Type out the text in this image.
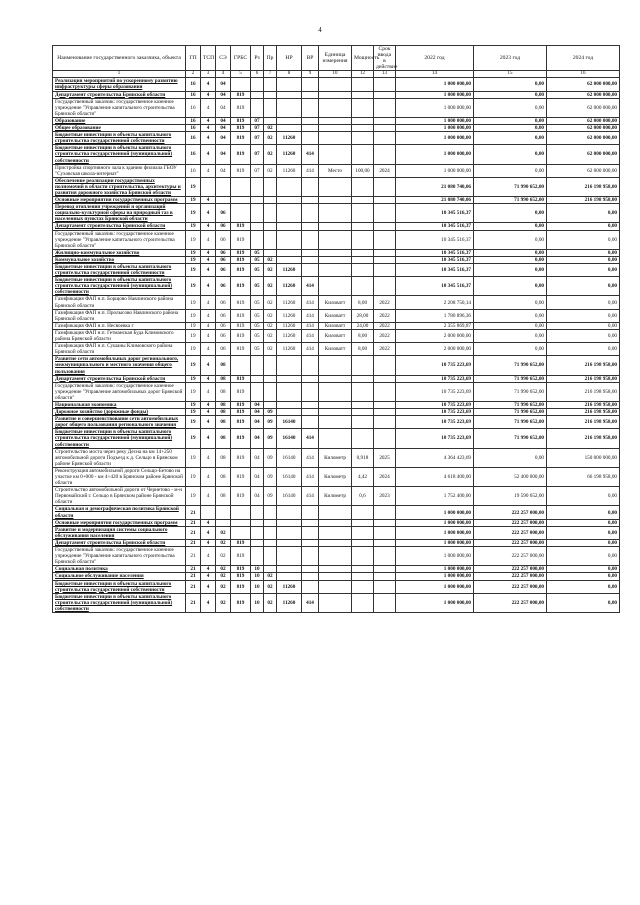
4
Наименование государственного заказчика, объекта	ГП	ТСП	СЭ	ГРБС	Рз	Пр	НР	ВР	Единица измерения	Мощность	Срок ввода в действие	2022 год	2023 год	2024 год
1	2	3	4	5	6	7	8	9	10	12	13	14	15	16
Реализация мероприятий по ускоренному развитию инфраструктуры сферы образования	16	4	04									1 000 000,00	0,00	62 000 000,00
Департамент строительства Брянской области	16	4	04	819								1 000 000,00	0,00	62 000 000,00
Государственный заказчик: государственное казенное учреждение "Управление капитального строительства Брянской области"	16	4	04	819								1 000 000,00	0,00	62 000 000,00
Образование	16	4	04	819	07							1 000 000,00	0,00	62 000 000,00
Общее образование	16	4	04	819	07	02						1 000 000,00	0,00	62 000 000,00
Бюджетные инвестиции в объекты капитального строительства государственной собственности	16	4	04	819	07	02	11260					1 000 000,00	0,00	62 000 000,00
Бюджетные инвестиции в объекты капитального строительства государственной (муниципальной) собственности	16	4	04	819	07	02	11260	414				1 000 000,00	0,00	62 000 000,00
Пристройка спортивного зала к зданию филиала ГБОУ "Суховская школа-интернат"	16	4	04	819	07	02	11260	414	Место	100,00	2024	1 000 000,00	0,00	62 000 000,00
Обеспечение реализации государственных полномочий в области строительства, архитектуры и развития дорожного хозяйства Брянской области	19											21 080 740,06	71 990 652,00	216 198 958,00
Основные мероприятия государственных программ	19	4										21 080 740,06	71 990 652,00	216 198 958,00
Перевод отопления учреждений и организаций социально-культурной сферы на природный газ в населенных пунктах Брянской области	19	4	06									10 345 516,37	0,00	0,00
Департамент строительства Брянской области	19	4	06	819								10 345 516,37	0,00	0,00
Государственный заказчик: государственное казенное учреждение "Управление капитального строительства Брянской области"	19	4	06	819								10 345 516,37	0,00	0,00
Жилищно-коммунальное хозяйство	19	4	06	819	05							10 345 516,37	0,00	0,00
Коммунальное хозяйство	19	4	06	819	05	02						10 345 516,37	0,00	0,00
Бюджетные инвестиции в объекты капитального строительства государственной собственности	19	4	06	819	05	02	11260					10 345 516,37	0,00	0,00
Бюджетные инвестиции в объекты капитального строительства государственной (муниципальной) собственности	19	4	06	819	05	02	11260	414				10 345 516,37	0,00	0,00
Газификация ФАП н.п. Борщово Навлинского района Брянской области	19	4	06	819	05	02	11260	414	Киловатт	8,00	2022	2 208 750,14	0,00	0,00
Газификация ФАП н.п. Пролысово Навлинского района Брянской области	19	4	06	819	05	02	11260	414	Киловатт	28,00	2022	1 780 896,36	0,00	0,00
Газификация ФАП н.п. Несвоевка г	19	4	06	819	05	02	11260	414	Киловатт	24,00	2022	2 355 869,87	0,00	0,00
Газификация ФАП н.п. Гетманская Буда Климовского района Брянской области	19	4	06	819	05	02	11260	414	Киловатт	8,00	2022	2 000 000,00	0,00	0,00
Газификация ФАП н.п. Сушаны Климовского района Брянской области	19	4	06	819	05	02	11260	414	Киловатт	8,00	2022	2 000 000,00	0,00	0,00
Развитие сети автомобильных дорог регионального, межмуниципального и местного значения общего пользования	19	4	08									10 735 223,69	71 990 652,00	216 198 958,00
Департамент строительства Брянской области	19	4	08	819								10 735 223,69	71 990 652,00	216 198 958,00
Государственный заказчик: государственное казенное учреждение "Управление автомобильных дорог Брянской области"	19	4	08	819								10 735 223,69	71 990 652,00	216 198 958,00
Национальная экономика	19	4	08	819	04							10 735 223,69	71 990 652,00	216 198 958,00
Дорожное хозяйство (дорожные фонды)	19	4	08	819	04	09						10 735 223,69	71 990 652,00	216 198 958,00
Развитие и совершенствование сети автомобильных дорог общего пользования регионального значения	19	4	08	819	04	09	16140					10 735 223,69	71 990 652,00	216 198 958,00
Бюджетные инвестиции в объекты капитального строительства государственной (муниципальной) собственности	19	4	08	819	04	09	16140	414				10 735 223,69	71 990 652,00	216 198 958,00
Строительство моста через реку Десна на км 14+250 автомобильной дороги Подъезд к д. Сельцо в Брянском районе Брянской области	19	4	08	819	04	09	16140	414	Километр	0,918	2025	4 364 423,69	0,00	150 000 000,00
Реконструкция автомобильной дороги Сельцо-Бетово на участке км 0+000 - км 4+420 в Брянском районе Брянской области	19	4	08	819	04	09	16140	414	Километр	4,42	2024	4 618 400,00	52 400 000,00	66 198 958,00
Строительство автомобильной дороги от Чернетово - м-н Первомайский г. Сельцо в Брянском районе Брянской области	19	4	08	819	04	09	16140	414	Километр	0,6	2023	1 752 400,00	19 590 652,00	0,00
Социальная и демографическая политика Брянской области	21											1 000 000,00	222 257 000,00	0,00
Основные мероприятия государственных программ	21	4										1 000 000,00	222 257 000,00	0,00
Развитие и модернизация системы социального обслуживания населения	21	4	02									1 000 000,00	222 257 000,00	0,00
Департамент строительства Брянской области	21	4	02	819								1 000 000,00	222 257 000,00	0,00
Государственный заказчик: государственное казенное учреждение "Управление капитального строительства Брянской области"	21	4	02	819								1 000 000,00	222 257 000,00	0,00
Социальная политика	21	4	02	819	10							1 000 000,00	222 257 000,00	0,00
Социальное обслуживание населения	21	4	02	819	10	02						1 000 000,00	222 257 000,00	0,00
Бюджетные инвестиции в объекты капитального строительства государственной собственности	21	4	02	819	10	02	11260					1 000 000,00	222 257 000,00	0,00
Бюджетные инвестиции в объекты капитального строительства государственной (муниципальной) собственности	21	4	02	819	10	02	11260	414				1 000 000,00	222 257 000,00	0,00
